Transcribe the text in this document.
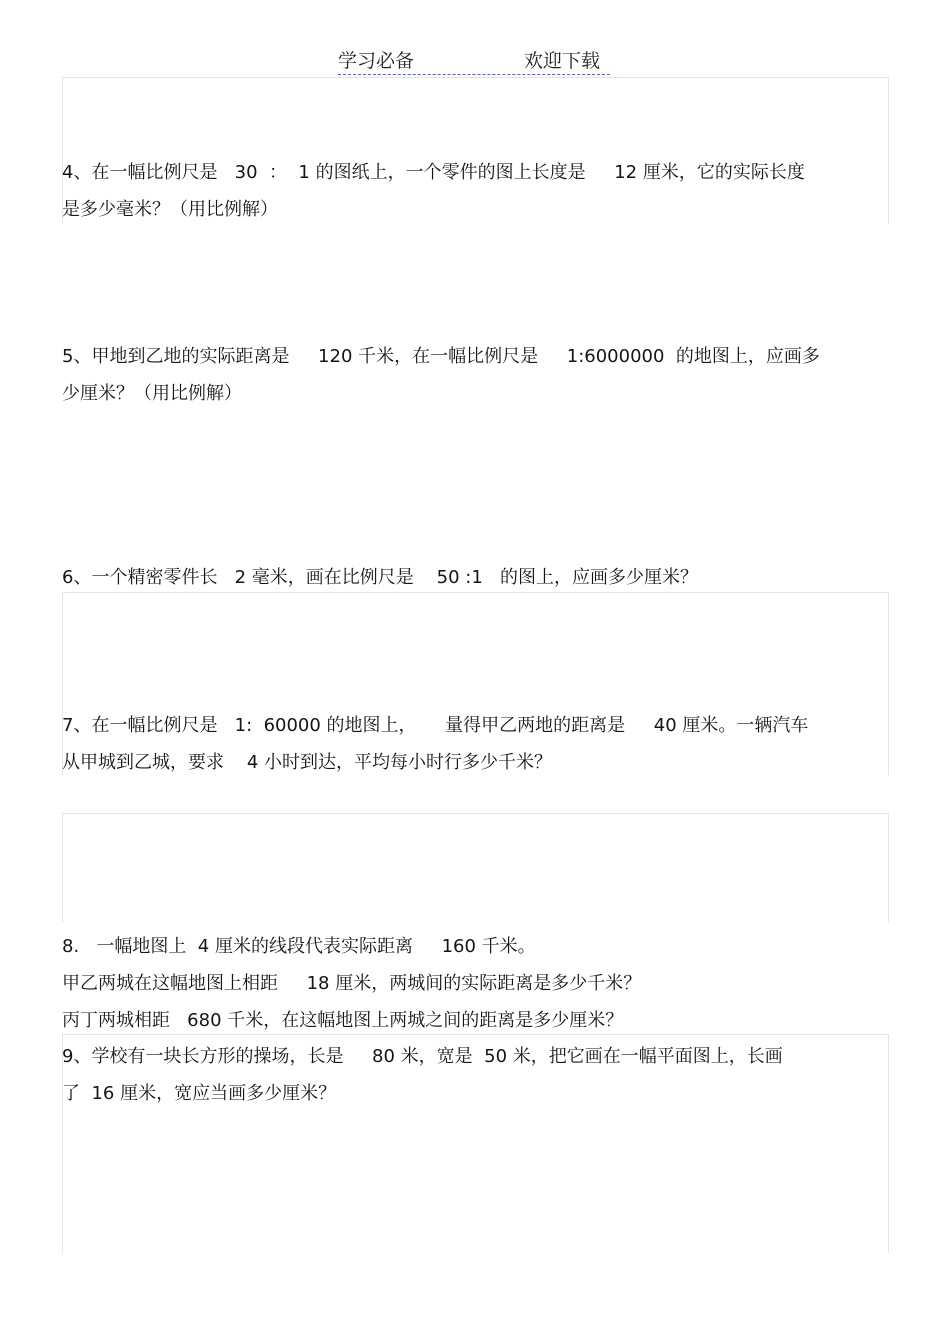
学习必备	欢迎下载

4、在一幅比例尺是   30  ：  1 的图纸上，一个零件的图上长度是     12 厘米，它的实际长度

是多少毫米？（用比例解）

5、甲地到乙地的实际距离是     120 千米，在一幅比例尺是     1:6000000  的地图上，应画多

少厘米？（用比例解）

6、一个精密零件长   2 毫米，画在比例尺是    50 :1   的图上，应画多少厘米？

7、在一幅比例尺是   1:  60000 的地图上，     量得甲乙两地的距离是     40 厘米。一辆汽车

从甲城到乙城，要求    4 小时到达，平均每小时行多少千米？

8.   一幅地图上  4 厘米的线段代表实际距离     160 千米。

甲乙两城在这幅地图上相距     18 厘米，两城间的实际距离是多少千米？

丙丁两城相距   680 千米，在这幅地图上两城之间的距离是多少厘米？

9、学校有一块长方形的操场，长是     80 米，宽是  50 米，把它画在一幅平面图上，长画

了  16 厘米，宽应当画多少厘米？
